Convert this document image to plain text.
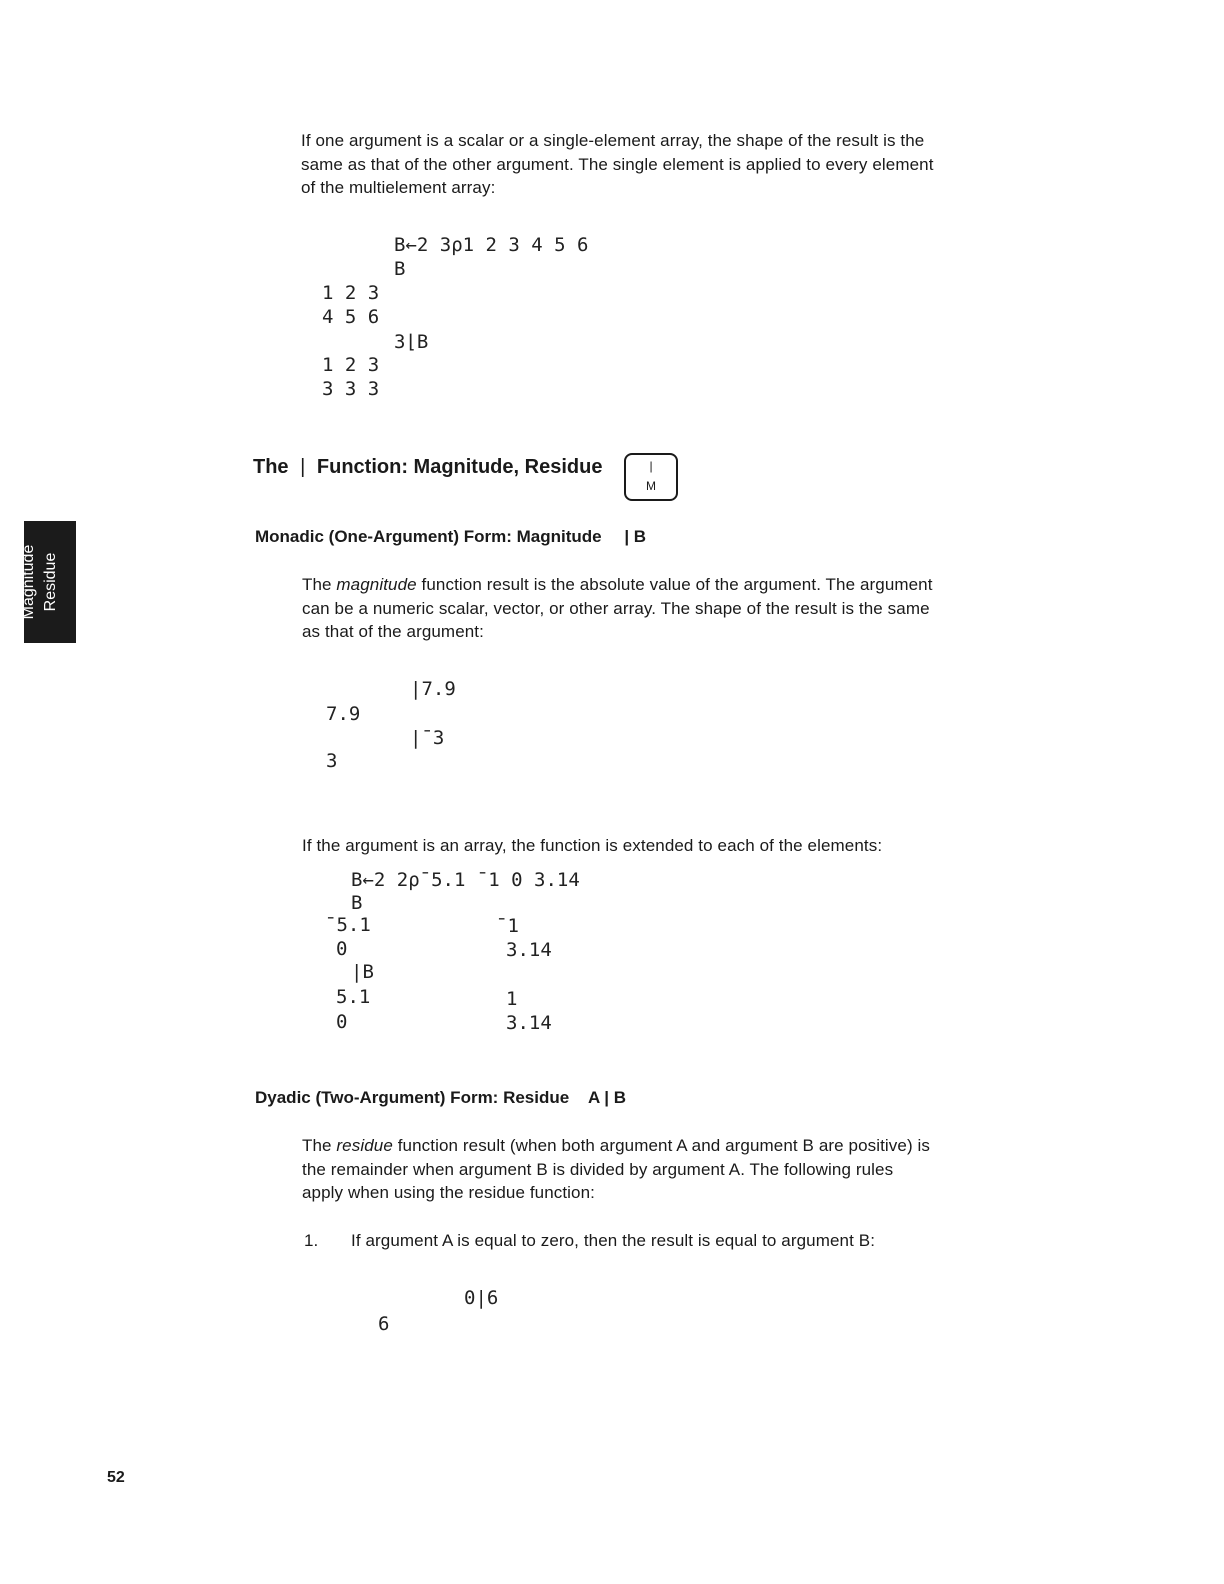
If one argument is a scalar or a single-element array, the shape of the result is the
same as that of the other argument. The single element is applied to every element
of the multielement array:
B←2 3⍴1 2 3 4 5 6
B
1 2 3
4 5 6
3⌊B
1 2 3
3 3 3
The | Function: Magnitude, Residue	|
M
Monadic (One-Argument) Form: Magnitude | B
The magnitude function result is the absolute value of the argument. The argument
can be a numeric scalar, vector, or other array. The shape of the result is the same
as that of the argument:
|7.9
7.9
|¯3
3
If the argument is an array, the function is extended to each of the elements:
B←2 2⍴¯5.1 ¯1 0 3.14
B
¯5.1	¯1
0	3.14
|B
5.1	1
0	3.14
Dyadic (Two-Argument) Form: Residue A | B
The residue function result (when both argument A and argument B are positive) is
the remainder when argument B is divided by argument A. The following rules
apply when using the residue function:
1. If argument A is equal to zero, then the result is equal to argument B:
0|6
6
Magnitude Residue
52
